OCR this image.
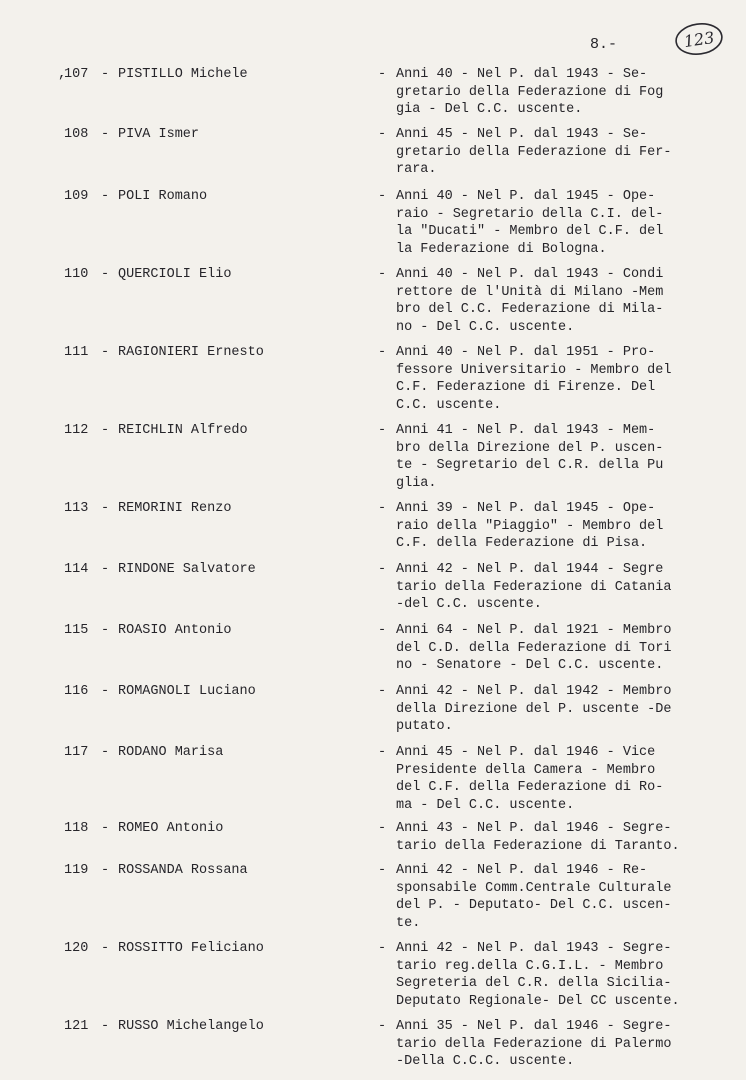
8.-	123
,
107 - PISTILLO Michele	- Anni 40 - Nel P. dal 1943 - Se-
gretario della Federazione di Fog
gia - Del C.C. uscente.
108 - PIVA Ismer	- Anni 45 - Nel P. dal 1943 - Se-
gretario della Federazione di Fer-
rara.
109 - POLI Romano	- Anni 40 - Nel P. dal 1945 - Ope-
raio - Segretario della C.I. del-
la "Ducati" - Membro del C.F. del
la Federazione di Bologna.
110 - QUERCIOLI Elio	- Anni 40 - Nel P. dal 1943 - Condi
rettore de l'Unità di Milano -Mem
bro del C.C. Federazione di Mila-
no - Del C.C. uscente.
111 - RAGIONIERI Ernesto	- Anni 40 - Nel P. dal 1951 - Pro-
fessore Universitario - Membro del
C.F. Federazione di Firenze. Del
C.C. uscente.
112 - REICHLIN Alfredo	- Anni 41 - Nel P. dal 1943 - Mem-
bro della Direzione del P. uscen-
te - Segretario del C.R. della Pu
glia.
113 - REMORINI Renzo	- Anni 39 - Nel P. dal 1945 - Ope-
raio della "Piaggio" - Membro del
C.F. della Federazione di Pisa.
114 - RINDONE Salvatore	- Anni 42 - Nel P. dal 1944 - Segre
tario della Federazione di Catania
-del C.C. uscente.
115 - ROASIO Antonio	- Anni 64 - Nel P. dal 1921 - Membro
del C.D. della Federazione di Tori
no - Senatore - Del C.C. uscente.
116 - ROMAGNOLI Luciano	- Anni 42 - Nel P. dal 1942 - Membro
della Direzione del P. uscente -De
putato.
117 - RODANO Marisa	- Anni 45 - Nel P. dal 1946 - Vice
Presidente della Camera - Membro
del C.F. della Federazione di Ro-
ma - Del C.C. uscente.
118 - ROMEO Antonio	- Anni 43 - Nel P. dal 1946 - Segre-
tario della Federazione di Taranto.
119 - ROSSANDA Rossana	- Anni 42 - Nel P. dal 1946 - Re-
sponsabile Comm.Centrale Culturale
del P. - Deputato- Del C.C. uscen-
te.
120 - ROSSITTO Feliciano	- Anni 42 - Nel P. dal 1943 - Segre-
tario reg.della C.G.I.L. - Membro
Segreteria del C.R. della Sicilia-
Deputato Regionale- Del CC uscente.
121 - RUSSO Michelangelo	- Anni 35 - Nel P. dal 1946 - Segre-
tario della Federazione di Palermo
-Della C.C.C. uscente.
